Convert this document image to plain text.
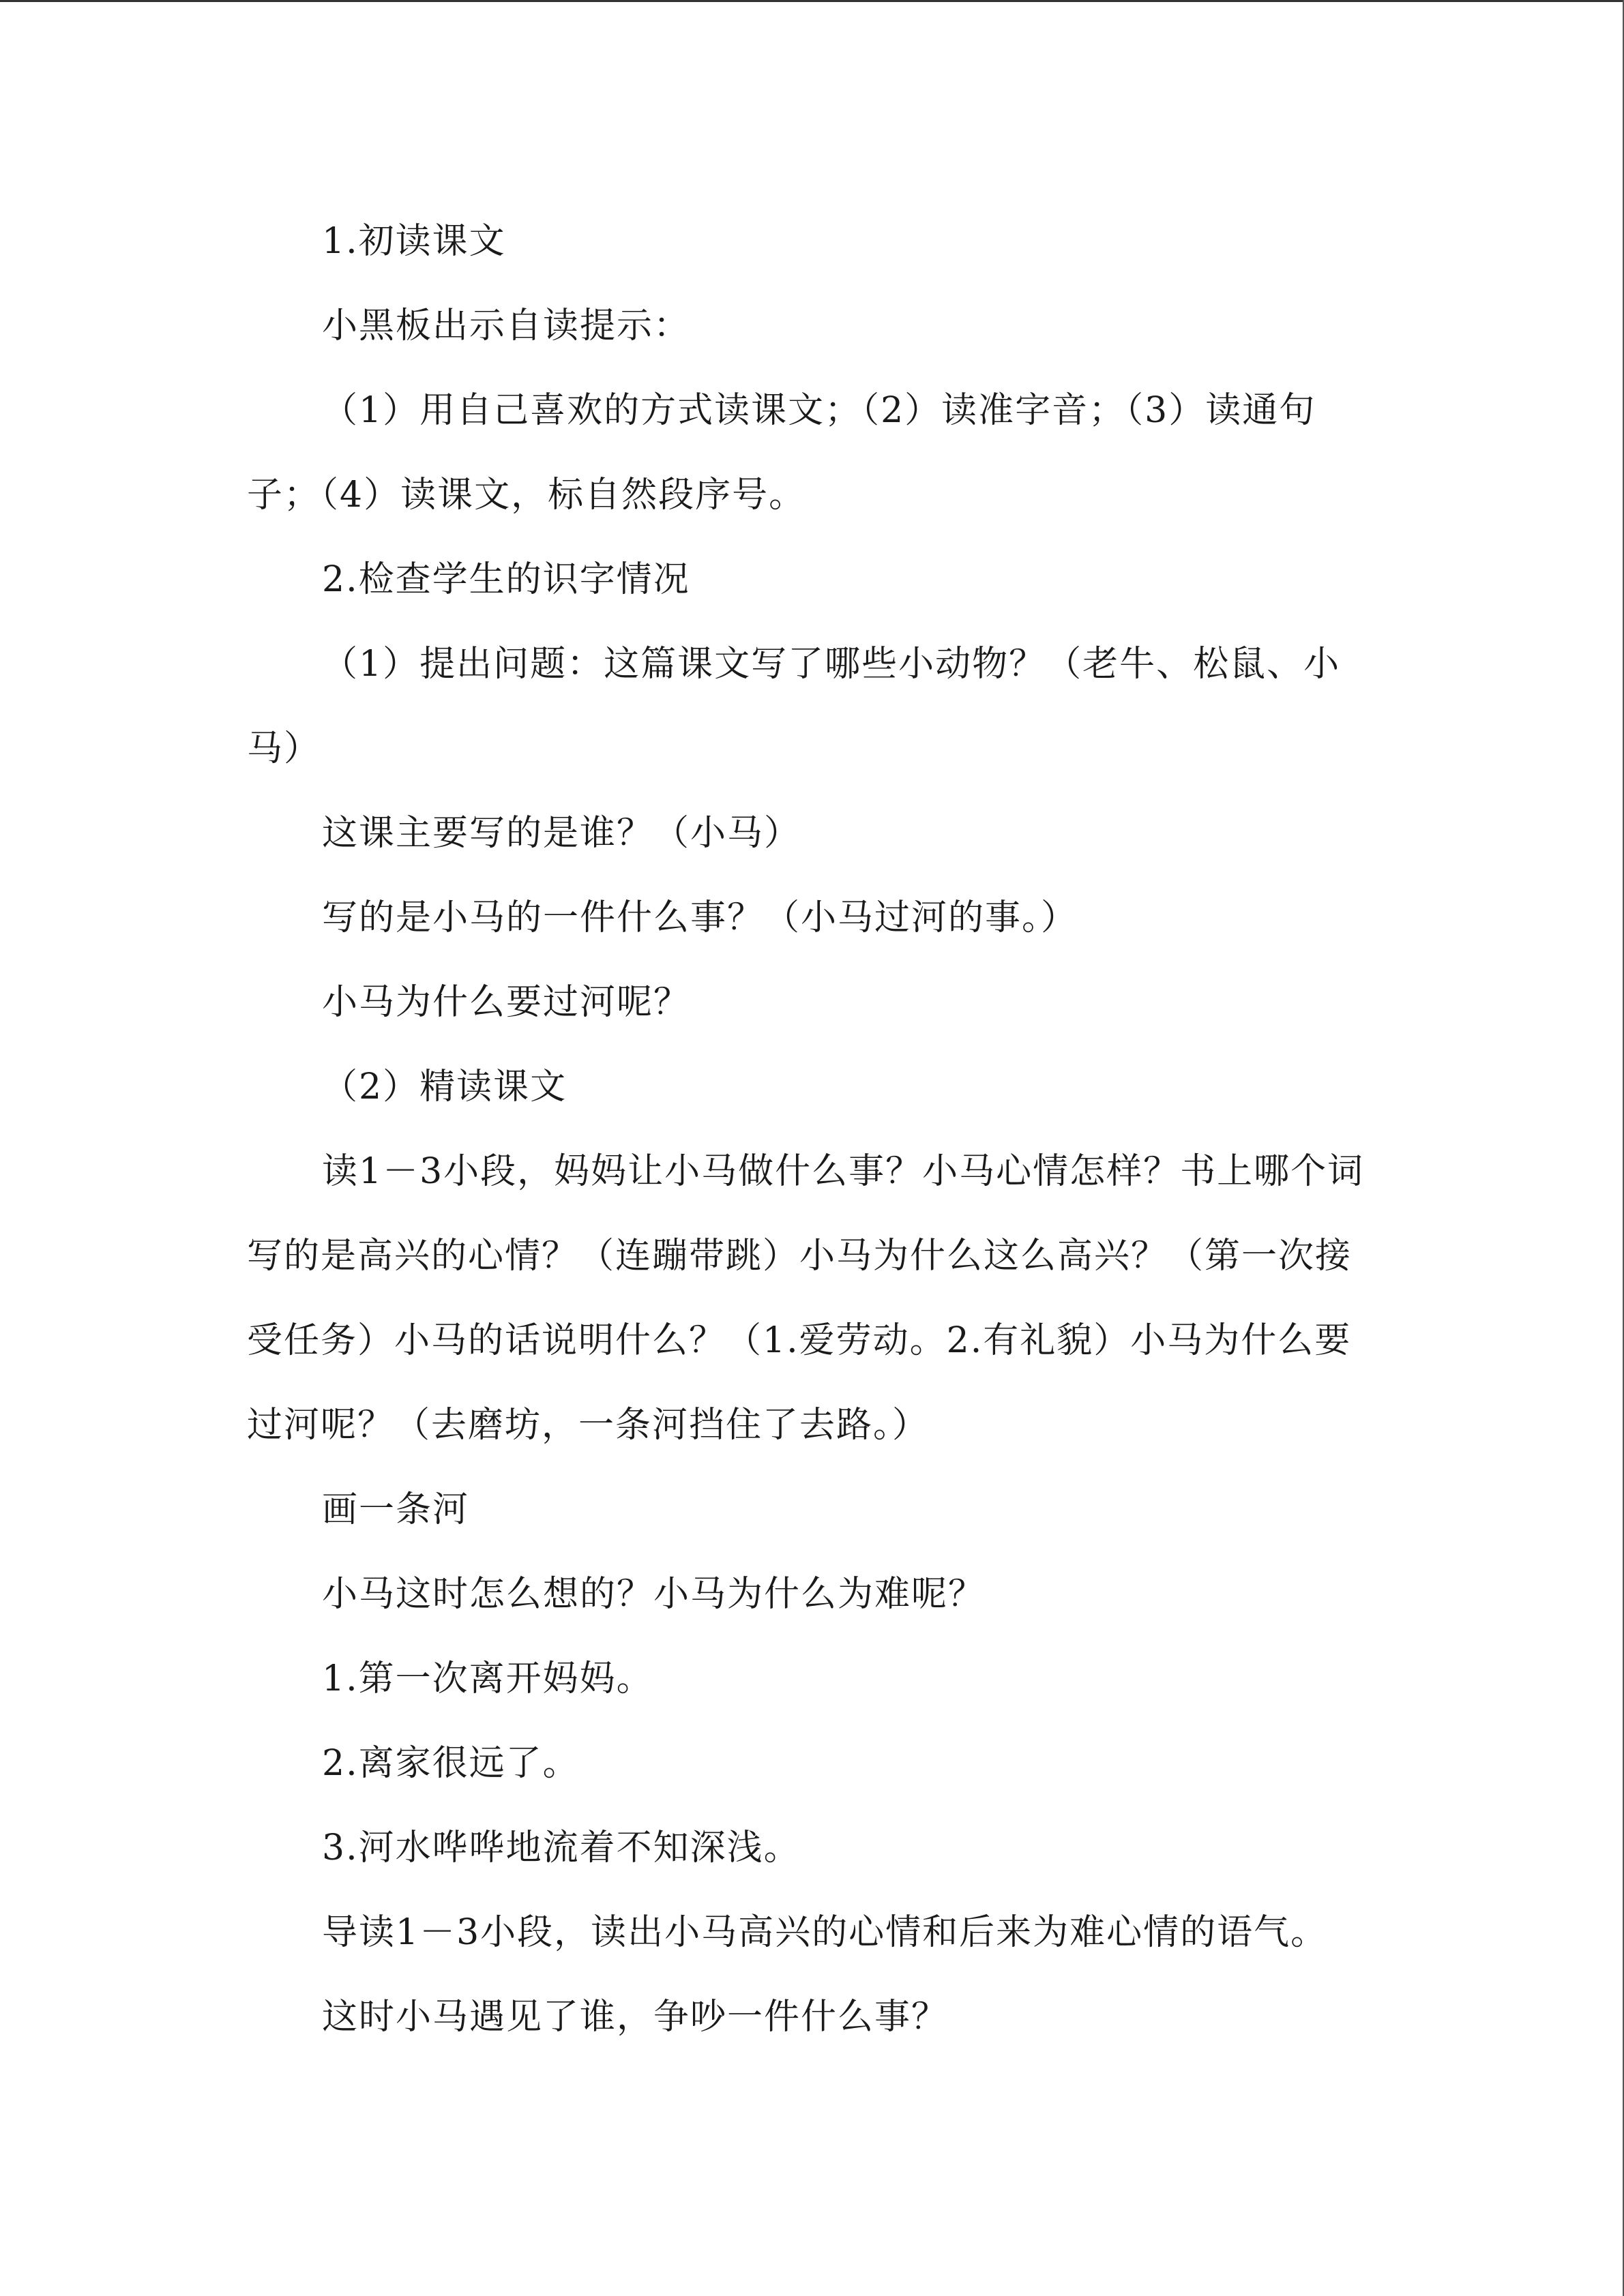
1.初读课文

小黑板出示自读提示：

（1）用自己喜欢的方式读课文；（2）读准字音；（3）读通句子；（4）读课文，标自然段序号。

2.检查学生的识字情况

（1）提出问题：这篇课文写了哪些小动物？（老牛、松鼠、小马）

这课主要写的是谁？（小马）

写的是小马的一件什么事？（小马过河的事。）

小马为什么要过河呢？

（2）精读课文

读1－3小段，妈妈让小马做什么事？小马心情怎样？书上哪个词写的是高兴的心情？（连蹦带跳）小马为什么这么高兴？（第一次接受任务）小马的话说明什么？（1.爱劳动。2.有礼貌）小马为什么要过河呢？（去磨坊，一条河挡住了去路。）

画一条河

小马这时怎么想的？小马为什么为难呢？

1.第一次离开妈妈。

2.离家很远了。

3.河水哗哗地流着不知深浅。

导读1－3小段，读出小马高兴的心情和后来为难心情的语气。

这时小马遇见了谁，争吵一件什么事？
